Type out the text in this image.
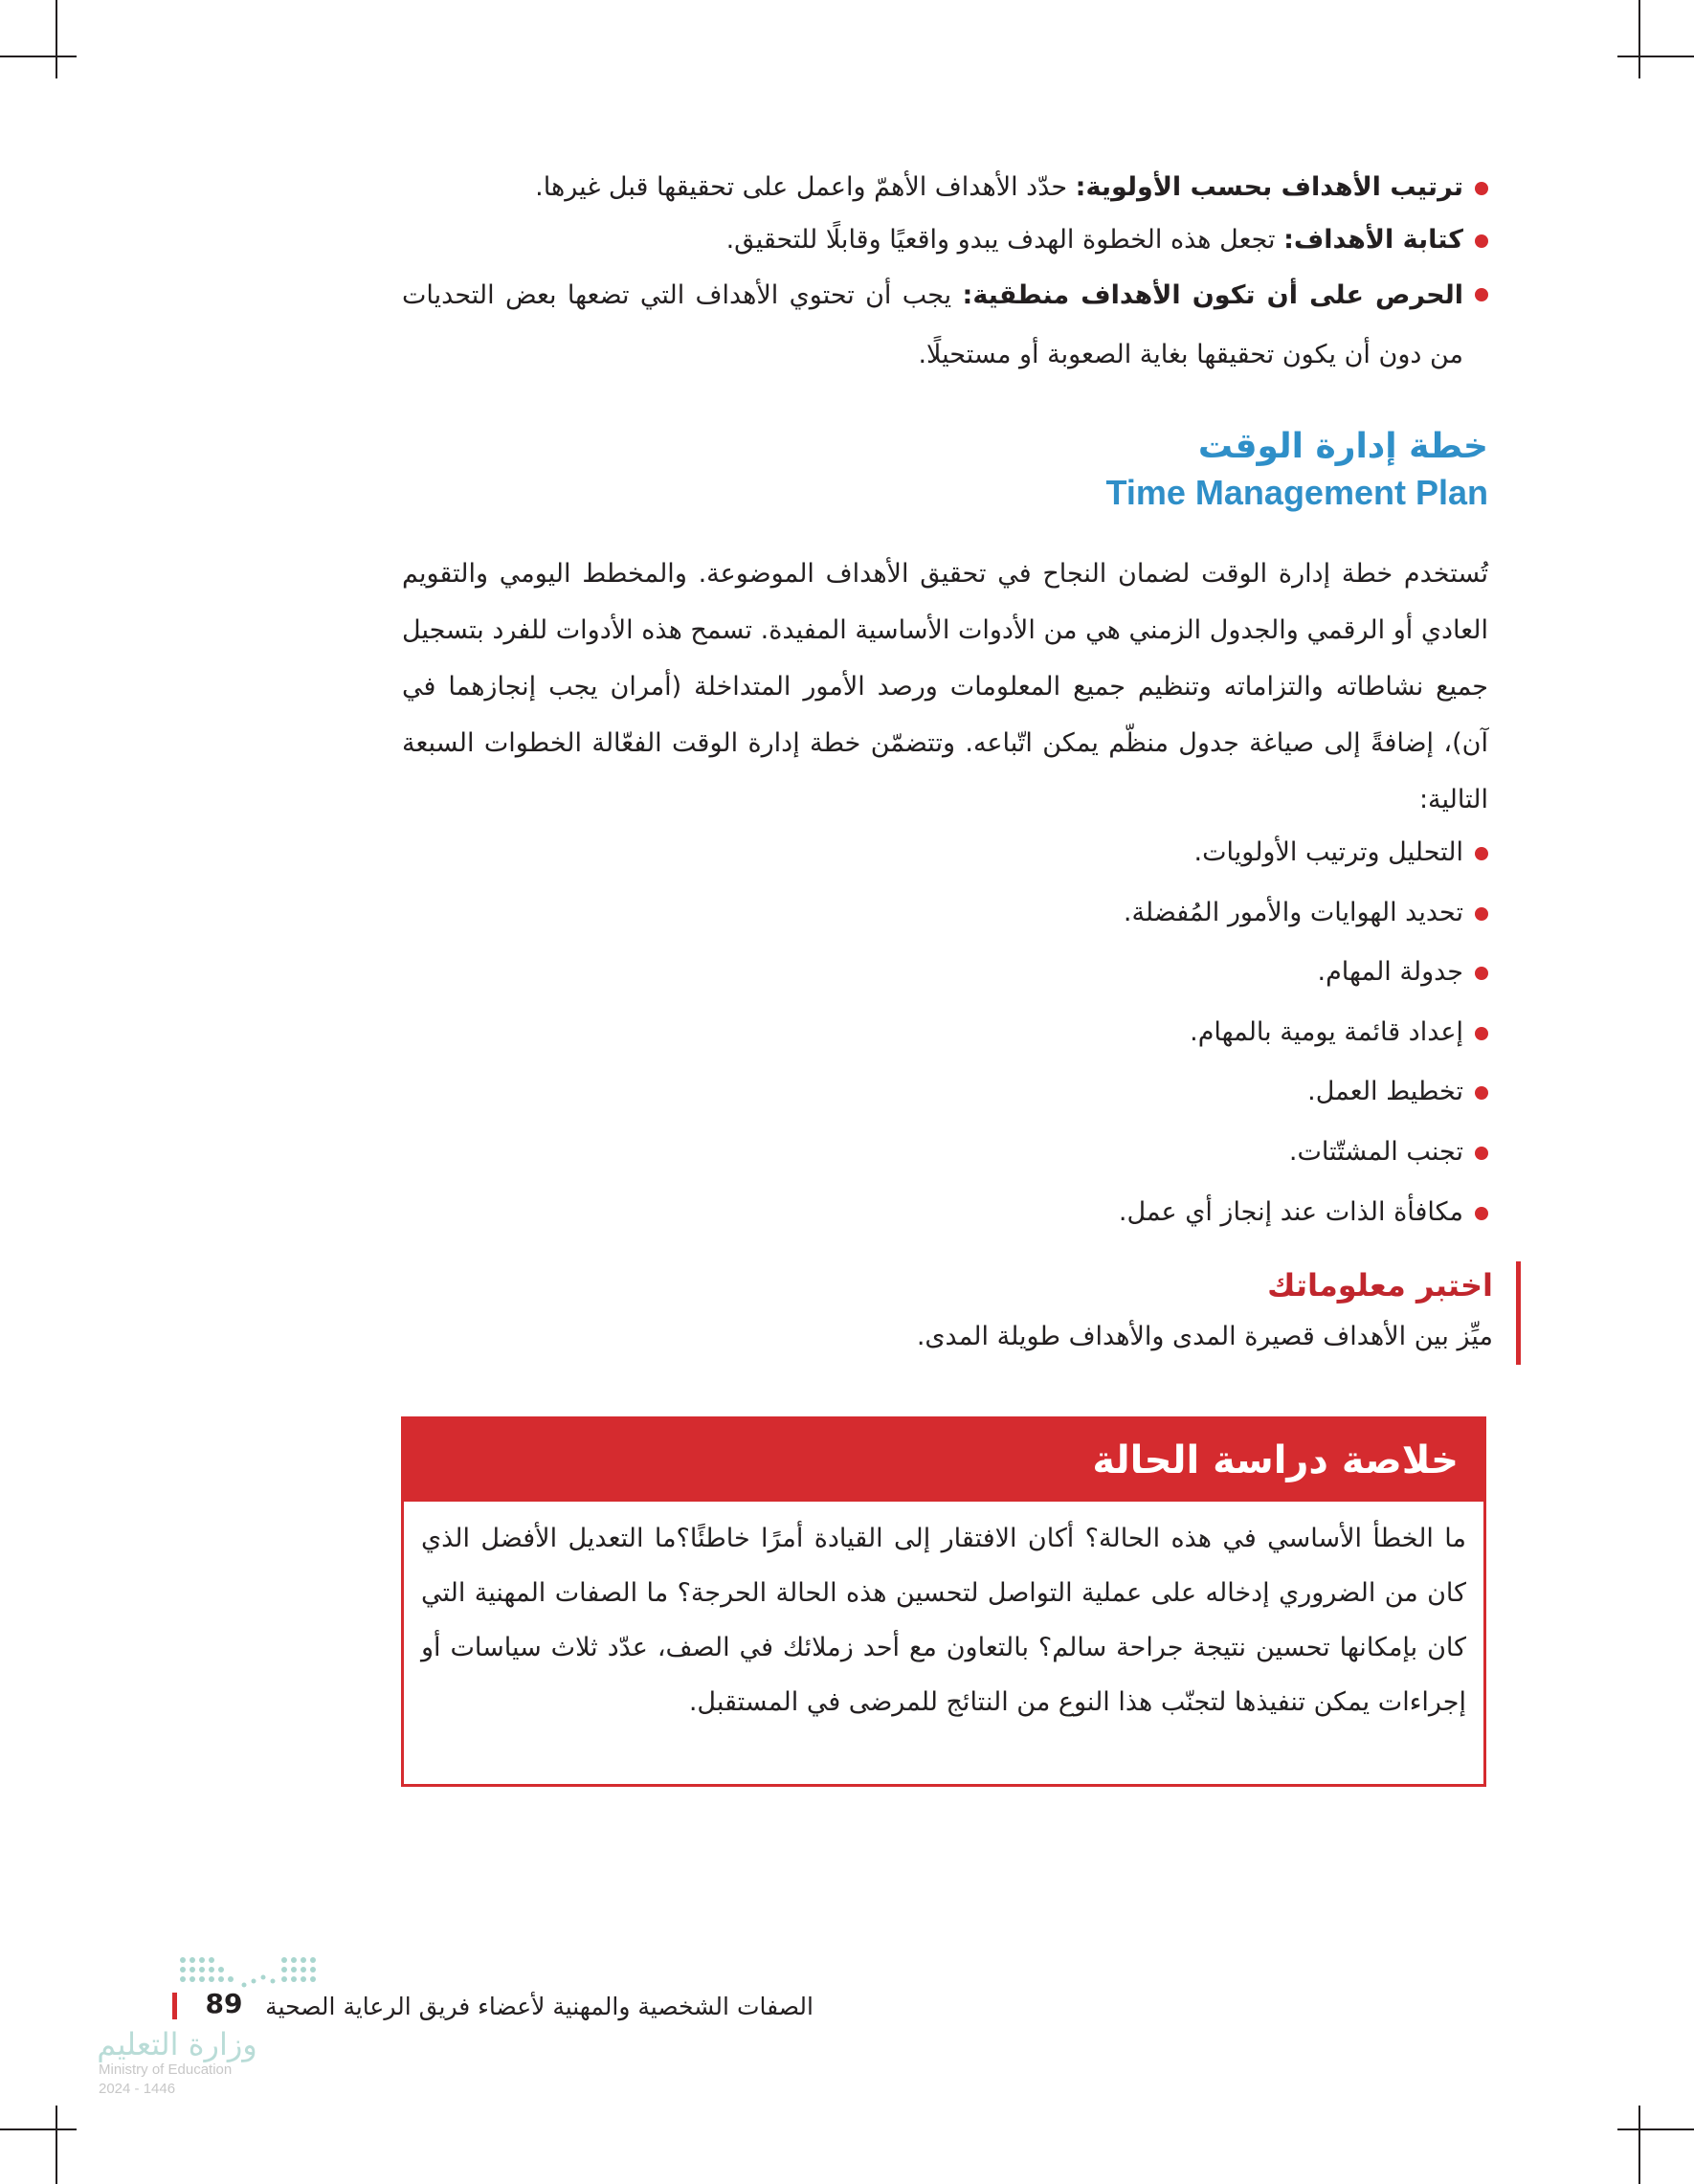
ترتيب الأهداف بحسب الأولوية: حدّد الأهداف الأهمّ واعمل على تحقيقها قبل غيرها.
كتابة الأهداف: تجعل هذه الخطوة الهدف يبدو واقعيًا وقابلًا للتحقيق.
الحرص على أن تكون الأهداف منطقية: يجب أن تحتوي الأهداف التي تضعها بعض التحديات من دون أن يكون تحقيقها بغاية الصعوبة أو مستحيلًا.
خطة إدارة الوقت
Time Management Plan

تُستخدم خطة إدارة الوقت لضمان النجاح في تحقيق الأهداف الموضوعة. والمخطط اليومي والتقويم العادي أو الرقمي والجدول الزمني هي من الأدوات الأساسية المفيدة. تسمح هذه الأدوات للفرد بتسجيل جميع نشاطاته والتزاماته وتنظيم جميع المعلومات ورصد الأمور المتداخلة (أمران يجب إنجازهما في آن)، إضافةً إلى صياغة جدول منظّم يمكن اتّباعه. وتتضمّن خطة إدارة الوقت الفعّالة الخطوات السبعة التالية:

التحليل وترتيب الأولويات.
تحديد الهوايات والأمور المُفضلة.
جدولة المهام.
إعداد قائمة يومية بالمهام.
تخطيط العمل.
تجنب المشتّتات.
مكافأة الذات عند إنجاز أي عمل.
اختبر معلوماتك
ميِّز بين الأهداف قصيرة المدى والأهداف طويلة المدى.
خلاصة دراسة الحالة

ما الخطأ الأساسي في هذه الحالة؟ أكان الافتقار إلى القيادة أمرًا خاطئًا؟ما التعديل الأفضل الذي كان من الضروري إدخاله على عملية التواصل لتحسين هذه الحالة الحرجة؟ ما الصفات المهنية التي كان بإمكانها تحسين نتيجة جراحة سالم؟ بالتعاون مع أحد زملائك في الصف، عدّد ثلاث سياسات أو إجراءات يمكن تنفيذها لتجنّب هذا النوع من النتائج للمرضى في المستقبل.

الصفات الشخصية والمهنية لأعضاء فريق الرعاية الصحية
89
وزارة التعليم
Ministry of Education
2024 - 1446
